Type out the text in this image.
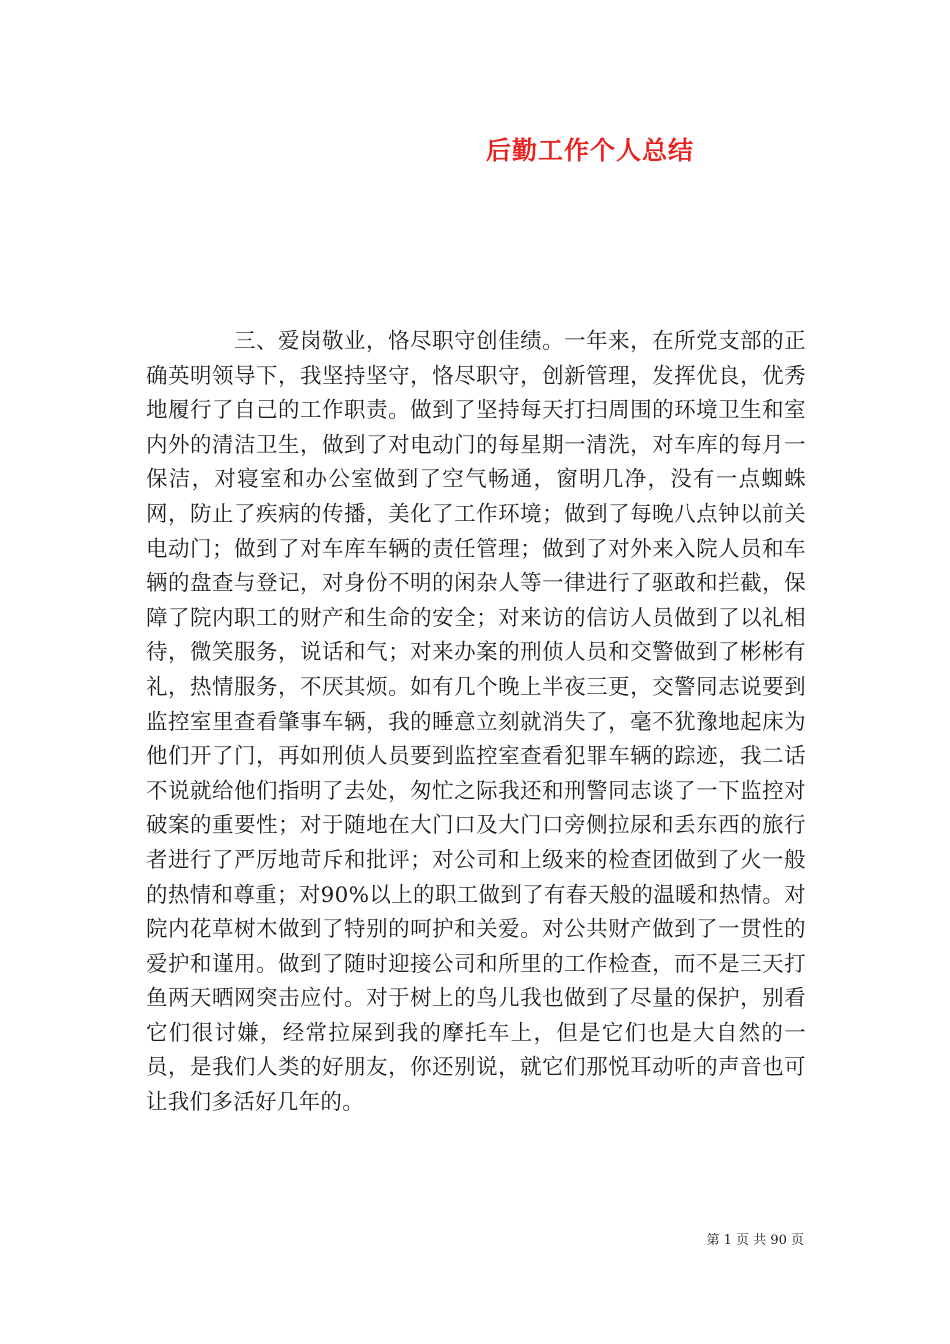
后勤工作个人总结

三、爱岗敬业，恪尽职守创佳绩。一年来，在所党支部的正确英明领导下，我坚持坚守，恪尽职守，创新管理，发挥优良，优秀地履行了自己的工作职责。做到了坚持每天打扫周围的环境卫生和室内外的清洁卫生，做到了对电动门的每星期一清洗，对车库的每月一保洁，对寝室和办公室做到了空气畅通，窗明几净，没有一点蜘蛛网，防止了疾病的传播，美化了工作环境；做到了每晚八点钟以前关电动门；做到了对车库车辆的责任管理；做到了对外来入院人员和车辆的盘查与登记，对身份不明的闲杂人等一律进行了驱敢和拦截，保障了院内职工的财产和生命的安全；对来访的信访人员做到了以礼相待，微笑服务，说话和气；对来办案的刑侦人员和交警做到了彬彬有礼，热情服务，不厌其烦。如有几个晚上半夜三更，交警同志说要到监控室里查看肇事车辆，我的睡意立刻就消失了，毫不犹豫地起床为他们开了门，再如刑侦人员要到监控室查看犯罪车辆的踪迹，我二话不说就给他们指明了去处，匆忙之际我还和刑警同志谈了一下监控对破案的重要性；对于随地在大门口及大门口旁侧拉尿和丢东西的旅行者进行了严厉地苛斥和批评；对公司和上级来的检查团做到了火一般的热情和尊重；对90%以上的职工做到了有春天般的温暖和热情。对院内花草树木做到了特别的呵护和关爱。对公共财产做到了一贯性的爱护和谨用。做到了随时迎接公司和所里的工作检查，而不是三天打鱼两天晒网突击应付。对于树上的鸟儿我也做到了尽量的保护，别看它们很讨嫌，经常拉屎到我的摩托车上，但是它们也是大自然的一员，是我们人类的好朋友，你还别说，就它们那悦耳动听的声音也可让我们多活好几年的。

第 1 页 共 90 页
